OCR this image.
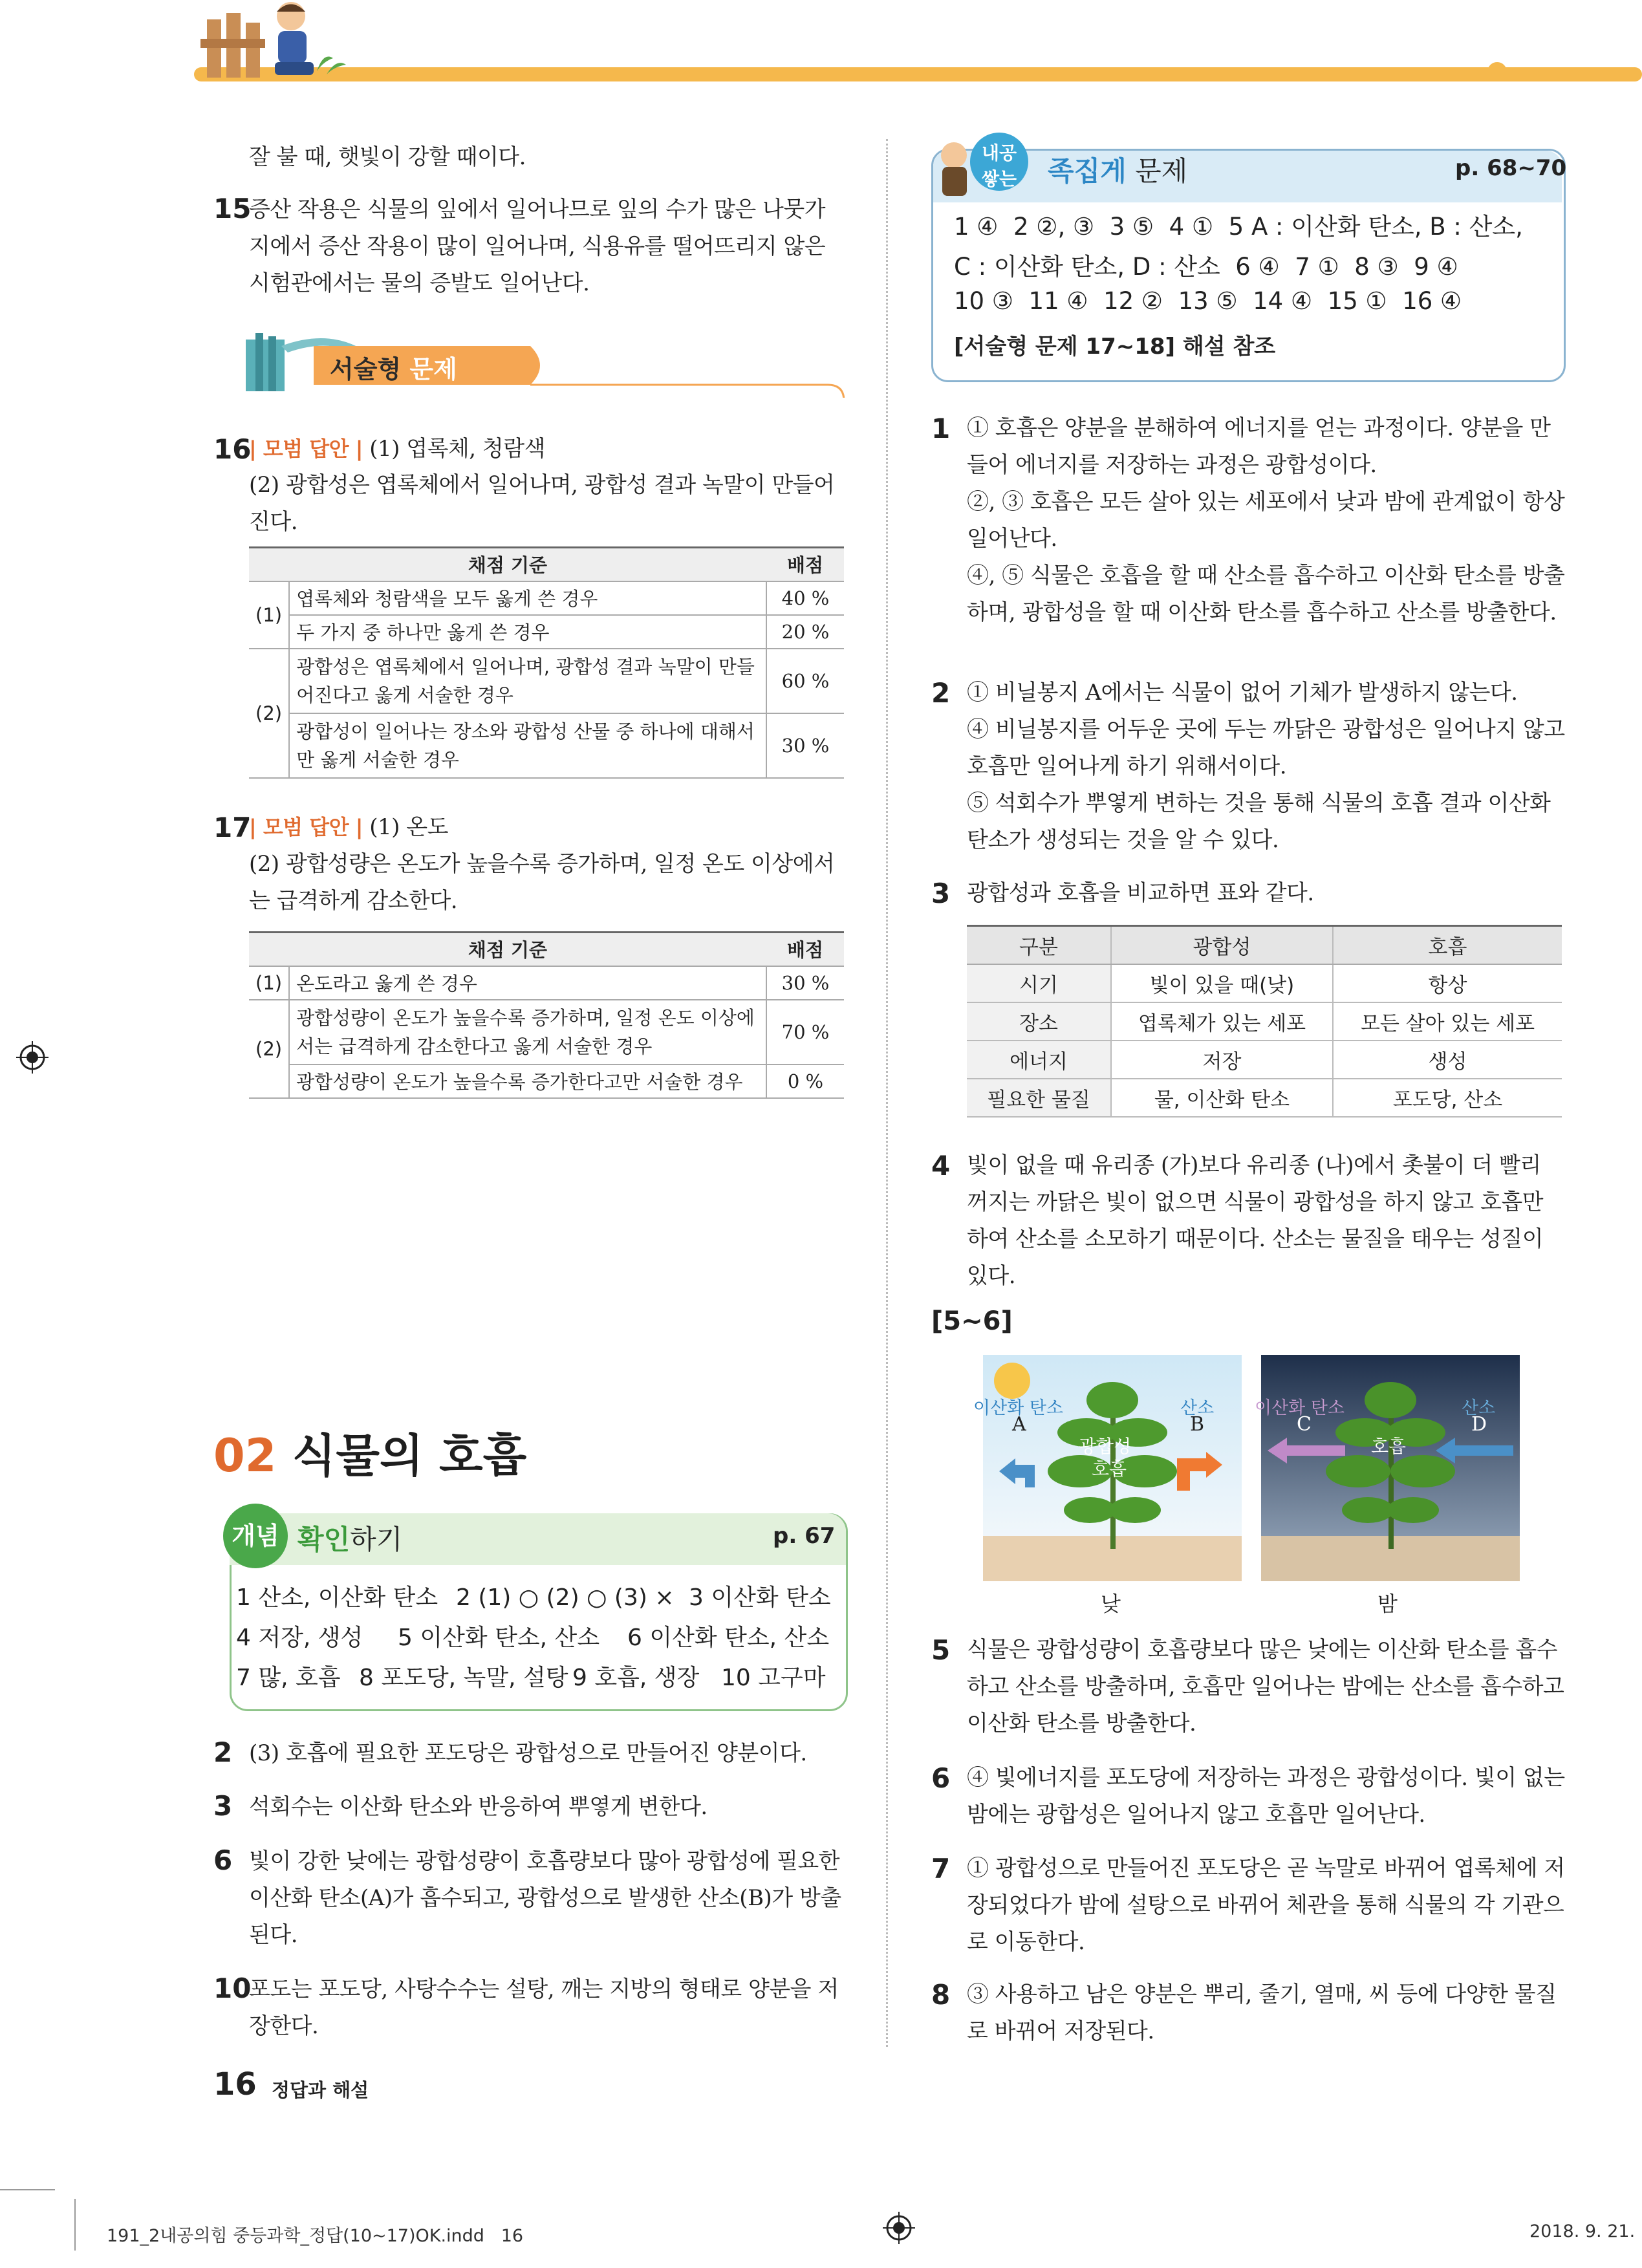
잘 불 때, 햇빛이 강할 때이다.
15
증산 작용은 식물의 잎에서 일어나므로 잎의 수가 많은 나뭇가지에서 증산 작용이 많이 일어나며, 식용유를 떨어뜨리지 않은 시험관에서는 물의 증발도 일어난다.
서술형 문제
16
| 모범 답안 | (1) 엽록체, 청람색
(2) 광합성은 엽록체에서 일어나며, 광합성 결과 녹말이 만들어진다.
채점 기준		배점
(1)	엽록체와 청람색을 모두 옳게 쓴 경우	40 %
	두 가지 중 하나만 옳게 쓴 경우	20 %
(2)	광합성은 엽록체에서 일어나며, 광합성 결과 녹말이 만들어진다고 옳게 서술한 경우	60 %
	광합성이 일어나는 장소와 광합성 산물 중 하나에 대해서만 옳게 서술한 경우	30 %
17
| 모범 답안 | (1) 온도
(2) 광합성량은 온도가 높을수록 증가하며, 일정 온도 이상에서는 급격하게 감소한다.
채점 기준		배점
(1)	온도라고 옳게 쓴 경우	30 %
(2)	광합성량이 온도가 높을수록 증가하며, 일정 온도 이상에서는 급격하게 감소한다고 옳게 서술한 경우	70 %
	광합성량이 온도가 높을수록 증가한다고만 서술한 경우	0 %
02 식물의 호흡
개념 확인하기	p. 67
1 산소, 이산화 탄소 2 (1) ○ (2) ○ (3) × 3 이산화 탄소
4 저장, 생성 5 이산화 탄소, 산소 6 이산화 탄소, 산소
7 많, 호흡 8 포도당, 녹말, 설탕 9 호흡, 생장 10 고구마
2 (3) 호흡에 필요한 포도당은 광합성으로 만들어진 양분이다.
3 석회수는 이산화 탄소와 반응하여 뿌옇게 변한다.
6 빛이 강한 낮에는 광합성량이 호흡량보다 많아 광합성에 필요한 이산화 탄소(A)가 흡수되고, 광합성으로 발생한 산소(B)가 방출된다.
10
포도는 포도당, 사탕수수는 설탕, 깨는 지방의 형태로 양분을 저장한다.
16 정답과 해설
내공
쌓는 족집게 문제	p. 68~70
1 ④  2 ②, ③  3 ⑤  4 ①  5 A : 이산화 탄소, B : 산소,
C : 이산화 탄소, D : 산소  6 ④  7 ①  8 ③  9 ④
10 ③  11 ④  12 ②  13 ⑤  14 ④  15 ①  16 ④
[서술형 문제 17~18] 해설 참조
1 ① 호흡은 양분을 분해하여 에너지를 얻는 과정이다. 양분을 만들어 에너지를 저장하는 과정은 광합성이다.
②, ③ 호흡은 모든 살아 있는 세포에서 낮과 밤에 관계없이 항상 일어난다.
④, ⑤ 식물은 호흡을 할 때 산소를 흡수하고 이산화 탄소를 방출하며, 광합성을 할 때 이산화 탄소를 흡수하고 산소를 방출한다.
2 ① 비닐봉지 A에서는 식물이 없어 기체가 발생하지 않는다.
④ 비닐봉지를 어두운 곳에 두는 까닭은 광합성은 일어나지 않고 호흡만 일어나게 하기 위해서이다.
⑤ 석회수가 뿌옇게 변하는 것을 통해 식물의 호흡 결과 이산화 탄소가 생성되는 것을 알 수 있다.
3 광합성과 호흡을 비교하면 표와 같다.
구분	광합성	호흡
시기	빛이 있을 때(낮)	항상
장소	엽록체가 있는 세포	모든 살아 있는 세포
에너지	저장	생성
필요한 물질	물, 이산화 탄소	포도당, 산소
4 빛이 없을 때 유리종 (가)보다 유리종 (나)에서 촛불이 더 빨리 꺼지는 까닭은 빛이 없으면 식물이 광합성을 하지 않고 호흡만 하여 산소를 소모하기 때문이다. 산소는 물질을 태우는 성질이 있다.
[5~6]
이산화 탄소
A
산소
B
광합성
호흡
낮
이산화 탄소
C
산소
D
호흡
밤
5 식물은 광합성량이 호흡량보다 많은 낮에는 이산화 탄소를 흡수하고 산소를 방출하며, 호흡만 일어나는 밤에는 산소를 흡수하고 이산화 탄소를 방출한다.
6 ④ 빛에너지를 포도당에 저장하는 과정은 광합성이다. 빛이 없는 밤에는 광합성은 일어나지 않고 호흡만 일어난다.
7 ① 광합성으로 만들어진 포도당은 곧 녹말로 바뀌어 엽록체에 저장되었다가 밤에 설탕으로 바뀌어 체관을 통해 식물의 각 기관으로 이동한다.
8 ③ 사용하고 남은 양분은 뿌리, 줄기, 열매, 씨 등에 다양한 물질로 바뀌어 저장된다.
191_2내공의힘 중등과학_정답(10~17)OK.indd   16	2018. 9. 21.
